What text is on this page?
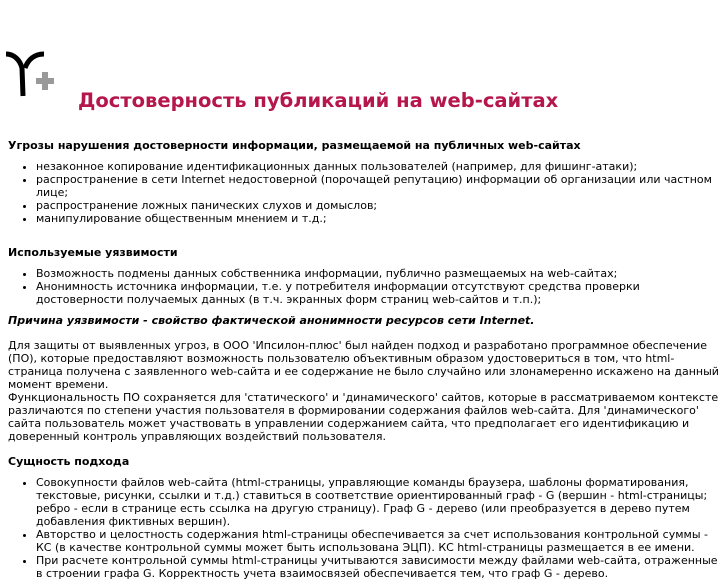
Достоверность публикаций на web-сайтах

Угрозы нарушения достоверности информации, размещаемой на публичных web-сайтах

• незаконное копирование идентификационных данных пользователей (например, для фишинг-атаки);
• распространение в сети Internet недостоверной (порочащей репутацию) информации об организации или частном лице;
• распространение ложных панических слухов и домыслов;
• манипулирование общественным мнением и т.д.;

Используемые уязвимости

• Возможность подмены данных собственника информации, публично размещаемых на web-сайтах;
• Анонимность источника информации, т.е. у потребителя информации отсутствуют средства проверки достоверности получаемых данных (в т.ч. экранных форм страниц web-сайтов и т.п.);

Причина уязвимости - свойство фактической анонимности ресурсов сети Internet.

Для защиты от выявленных угроз, в ООО 'Ипсилон-плюс' был найден подход и разработано программное обеспечение (ПО), которые предоставляют возможность пользователю объективным образом удостовериться в том, что html-страница получена с заявленного web-сайта и ее содержание не было случайно или злонамеренно искажено на данный момент времени.

Функциональность ПО сохраняется для 'статического' и 'динамического' сайтов, которые в рассматриваемом контексте различаются по степени участия пользователя в формировании содержания файлов web-сайта. Для 'динамического' сайта пользователь может участвовать в управлении содержанием сайта, что предполагает его идентификацию и доверенный контроль управляющих воздействий пользователя.

Сущность подхода

• Совокупности файлов web-сайта (html-страницы, управляющие команды браузера, шаблоны форматирования, текстовые, рисунки, ссылки и т.д.) ставиться в соответствие ориентированный граф - G (вершин - html-страницы; ребро - если в странице есть ссылка на другую страницу). Граф G - дерево (или преобразуется в дерево путем добавления фиктивных вершин).
• Авторство и целостность содержания html-страницы обеспечивается за счет использования контрольной суммы - КС (в качестве контрольной суммы может быть использована ЭЦП). КС html-страницы размещается в ее имени.
• При расчете контрольной суммы html-страницы учитываются зависимости между файлами web-сайта, отраженные в строении графа G. Корректность учета взаимосвязей обеспечивается тем, что граф G - дерево.
